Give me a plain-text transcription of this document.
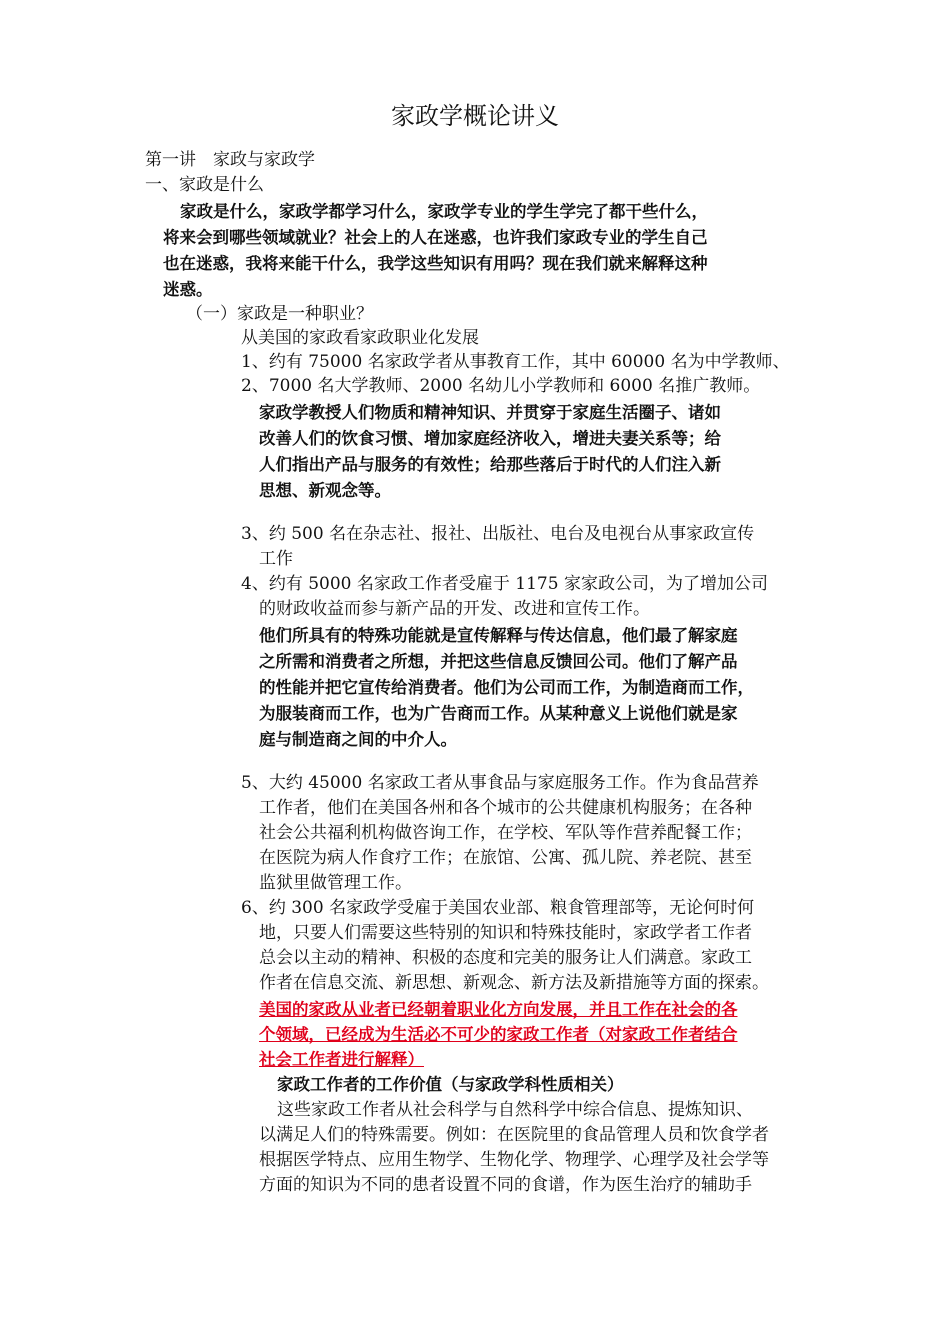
家政学概论讲义
第一讲　家政与家政学
一、家政是什么
家政是什么，家政学都学习什么，家政学专业的学生学完了都干些什么，
将来会到哪些领域就业？社会上的人在迷惑，也许我们家政专业的学生自己
也在迷惑，我将来能干什么，我学这些知识有用吗？现在我们就来解释这种
迷惑。
（一）家政是一种职业？
从美国的家政看家政职业化发展
1、约有 75000 名家政学者从事教育工作，其中 60000 名为中学教师、
2、7000 名大学教师、2000 名幼儿小学教师和 6000 名推广教师。
家政学教授人们物质和精神知识、并贯穿于家庭生活圈子、诸如
改善人们的饮食习惯、增加家庭经济收入，增进夫妻关系等；给
人们指出产品与服务的有效性；给那些落后于时代的人们注入新
思想、新观念等。
3、约 500 名在杂志社、报社、出版社、电台及电视台从事家政宣传
工作
4、约有 5000 名家政工作者受雇于 1175 家家政公司，为了增加公司
的财政收益而参与新产品的开发、改进和宣传工作。
他们所具有的特殊功能就是宣传解释与传达信息，他们最了解家庭
之所需和消费者之所想，并把这些信息反馈回公司。他们了解产品
的性能并把它宣传给消费者。他们为公司而工作，为制造商而工作，
为服装商而工作，也为广告商而工作。从某种意义上说他们就是家
庭与制造商之间的中介人。
5、大约 45000 名家政工者从事食品与家庭服务工作。作为食品营养
工作者，他们在美国各州和各个城市的公共健康机构服务；在各种
社会公共福利机构做咨询工作，在学校、军队等作营养配餐工作；
在医院为病人作食疗工作；在旅馆、公寓、孤儿院、养老院、甚至
监狱里做管理工作。
6、约 300 名家政学受雇于美国农业部、粮食管理部等，无论何时何
地，只要人们需要这些特别的知识和特殊技能时，家政学者工作者
总会以主动的精神、积极的态度和完美的服务让人们满意。家政工
作者在信息交流、新思想、新观念、新方法及新措施等方面的探索。
美国的家政从业者已经朝着职业化方向发展，并且工作在社会的各
个领域，已经成为生活必不可少的家政工作者（对家政工作者结合
社会工作者进行解释）
家政工作者的工作价值（与家政学科性质相关）
这些家政工作者从社会科学与自然科学中综合信息、提炼知识、
以满足人们的特殊需要。例如：在医院里的食品管理人员和饮食学者
根据医学特点、应用生物学、生物化学、物理学、心理学及社会学等
方面的知识为不同的患者设置不同的食谱，作为医生治疗的辅助手
